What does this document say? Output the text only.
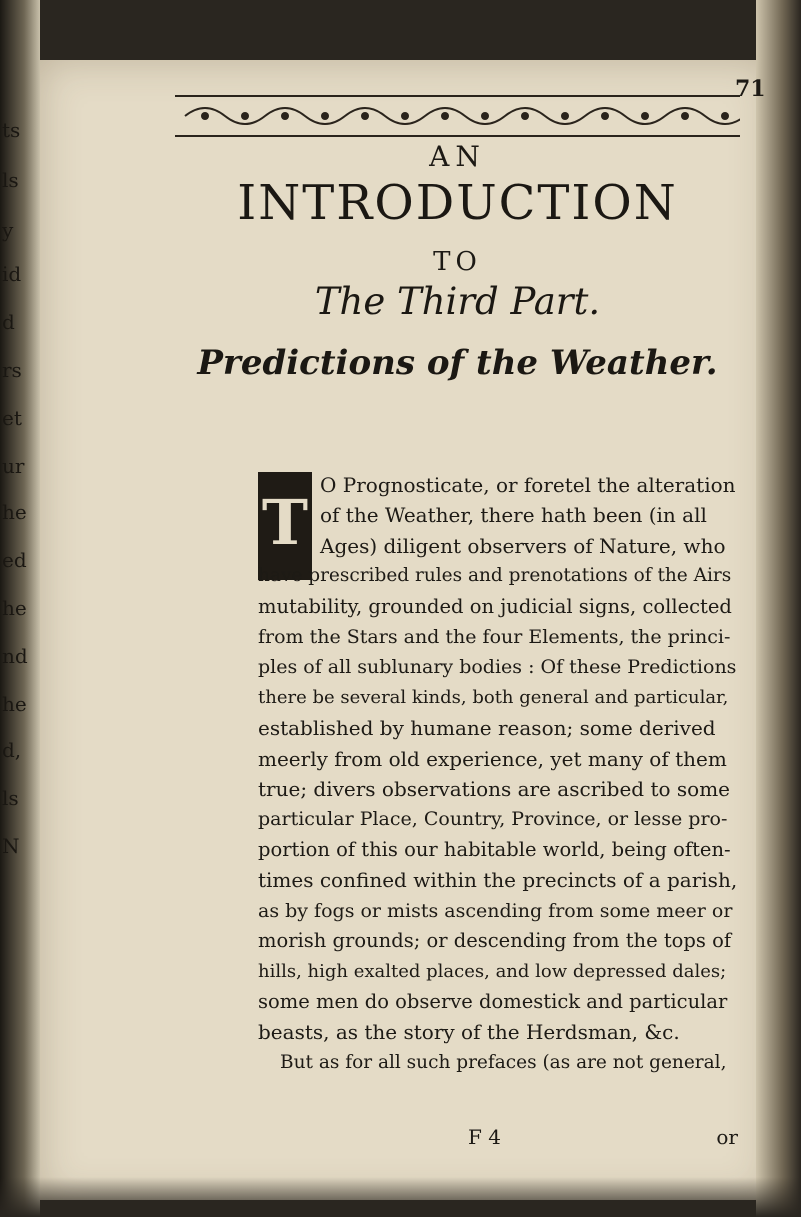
ts
ls
y
id
d
rs
et
ur
he
ed
he
nd
he
d,
ls
N
71
AN
INTRODUCTION
TO
The Third Part.
Predictions of the Weather.
T
O Prognosticate, or foretel the alteration
of the Weather, there hath been (in all
Ages) diligent observers of Nature, who
have prescribed rules and prenotations of the Airs
mutability, grounded on judicial signs, collected
from the Stars and the four Elements, the princi-
ples of all sublunary bodies : Of these Predictions
there be several kinds, both general and particular,
established by humane reason; some derived
meerly from old experience, yet many of them
true; divers observations are ascribed to some
particular Place, Country, Province, or lesse pro-
portion of this our habitable world, being often-
times confined within the precincts of a parish,
as by fogs or mists ascending from some meer or
morish grounds; or descending from the tops of
hills, high exalted places, and low depressed dales;
some men do observe domestick and particular
beasts, as the story of the Herdsman, &c.
But as for all such prefaces (as are not general,
F 4	or
